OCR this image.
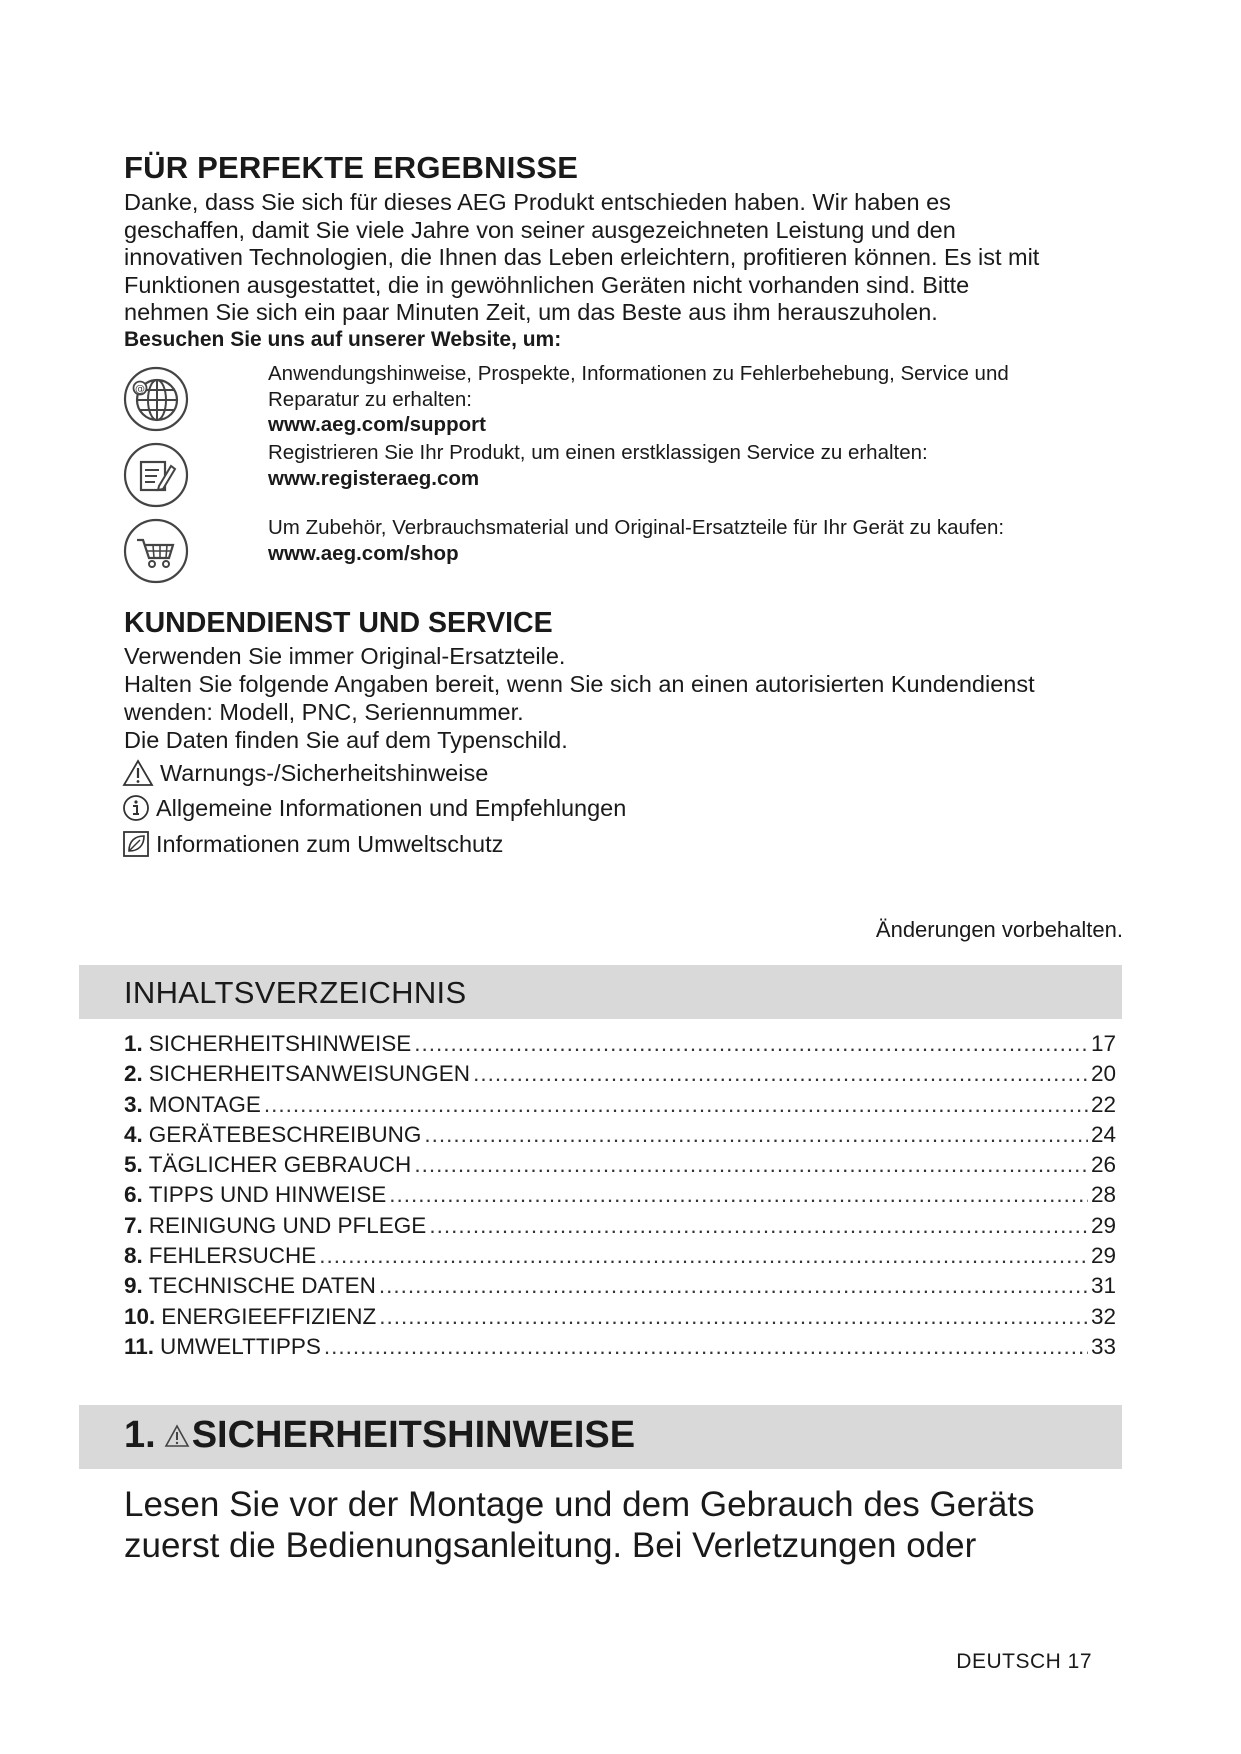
FÜR PERFEKTE ERGEBNISSE
Danke, dass Sie sich für dieses AEG Produkt entschieden haben. Wir haben es
geschaffen, damit Sie viele Jahre von seiner ausgezeichneten Leistung und den
innovativen Technologien, die Ihnen das Leben erleichtern, profitieren können. Es ist mit
Funktionen ausgestattet, die in gewöhnlichen Geräten nicht vorhanden sind. Bitte
nehmen Sie sich ein paar Minuten Zeit, um das Beste aus ihm herauszuholen.
Besuchen Sie uns auf unserer Website, um:
@
Anwendungshinweise, Prospekte, Informationen zu Fehlerbehebung, Service und
Reparatur zu erhalten:
www.aeg.com/support
Registrieren Sie Ihr Produkt, um einen erstklassigen Service zu erhalten:
www.registeraeg.com
Um Zubehör, Verbrauchsmaterial und Original-Ersatzteile für Ihr Gerät zu kaufen:
www.aeg.com/shop
KUNDENDIENST UND SERVICE
Verwenden Sie immer Original-Ersatzteile.
Halten Sie folgende Angaben bereit, wenn Sie sich an einen autorisierten Kundendienst
wenden: Modell, PNC, Seriennummer.
Die Daten finden Sie auf dem Typenschild.
Warnungs-/Sicherheitshinweise
Allgemeine Informationen und Empfehlungen
Informationen zum Umweltschutz
Änderungen vorbehalten.
INHALTSVERZEICHNIS
1. SICHERHEITSHINWEISE .....	17
2. SICHERHEITSANWEISUNGEN .....	20
3. MONTAGE .....	22
4. GERÄTEBESCHREIBUNG .....	24
5. TÄGLICHER GEBRAUCH .....	26
6. TIPPS UND HINWEISE .....	28
7. REINIGUNG UND PFLEGE .....	29
8. FEHLERSUCHE .....	29
9. TECHNISCHE DATEN .....	31
10. ENERGIEEFFIZIENZ .....	32
11. UMWELTTIPPS .....	33
1. SICHERHEITSHINWEISE
Lesen Sie vor der Montage und dem Gebrauch des Geräts
zuerst die Bedienungsanleitung. Bei Verletzungen oder
DEUTSCH 17
